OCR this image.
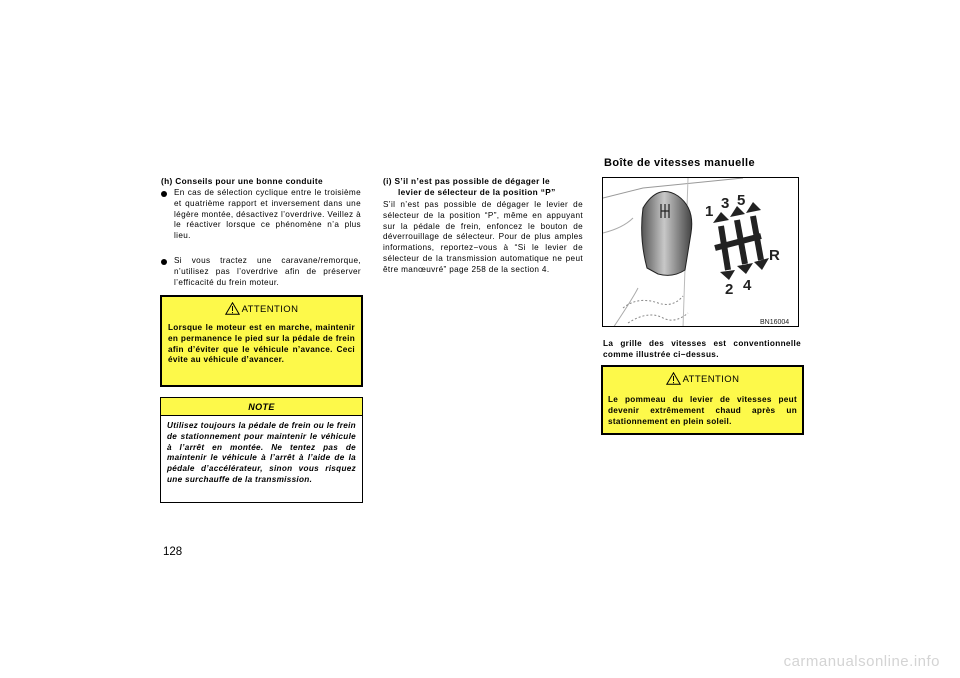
(h) Conseils pour une bonne conduite
En cas de sélection cyclique entre le troisième et quatrième rapport et inversement dans une légère montée, désactivez l’overdrive. Veillez à le réactiver lorsque ce phénomène n’a plus lieu.
Si vous tractez une caravane/remorque, n’utilisez pas l’overdrive afin de préserver l’efficacité du frein moteur.
ATTENTION
Lorsque le moteur est en marche, maintenir en permanence le pied sur la pédale de frein afin d’éviter que le véhicule n’avance. Ceci évite au véhicule d’avancer.
NOTE
Utilisez toujours la pédale de frein ou le frein de stationnement pour maintenir le véhicule à l’arrêt en montée. Ne tentez pas de maintenir le véhicule à l’arrêt à l’aide de la pédale d’accélérateur, sinon vous risquez une surchauffe de la transmission.
128
(i) S’il n’est pas possible de dégager le
levier de sélecteur de la position “P”
S’il n’est pas possible de dégager le levier de sélecteur de la position “P”, même en appuyant sur la pédale de frein, enfoncez le bouton de déverrouillage de sélecteur. Pour de plus amples informations, reportez−vous à “Si le levier de sélecteur de la transmission automatique ne peut être manœuvré” page 258 de la section 4.
Boîte de vitesses manuelle
1 3 5
2 4
R
BN16004
La grille des vitesses est conventionnelle comme illustrée ci−dessus.
ATTENTION
Le pommeau du levier de vitesses peut devenir extrêmement chaud après un stationnement en plein soleil.
carmanualsonline.info
